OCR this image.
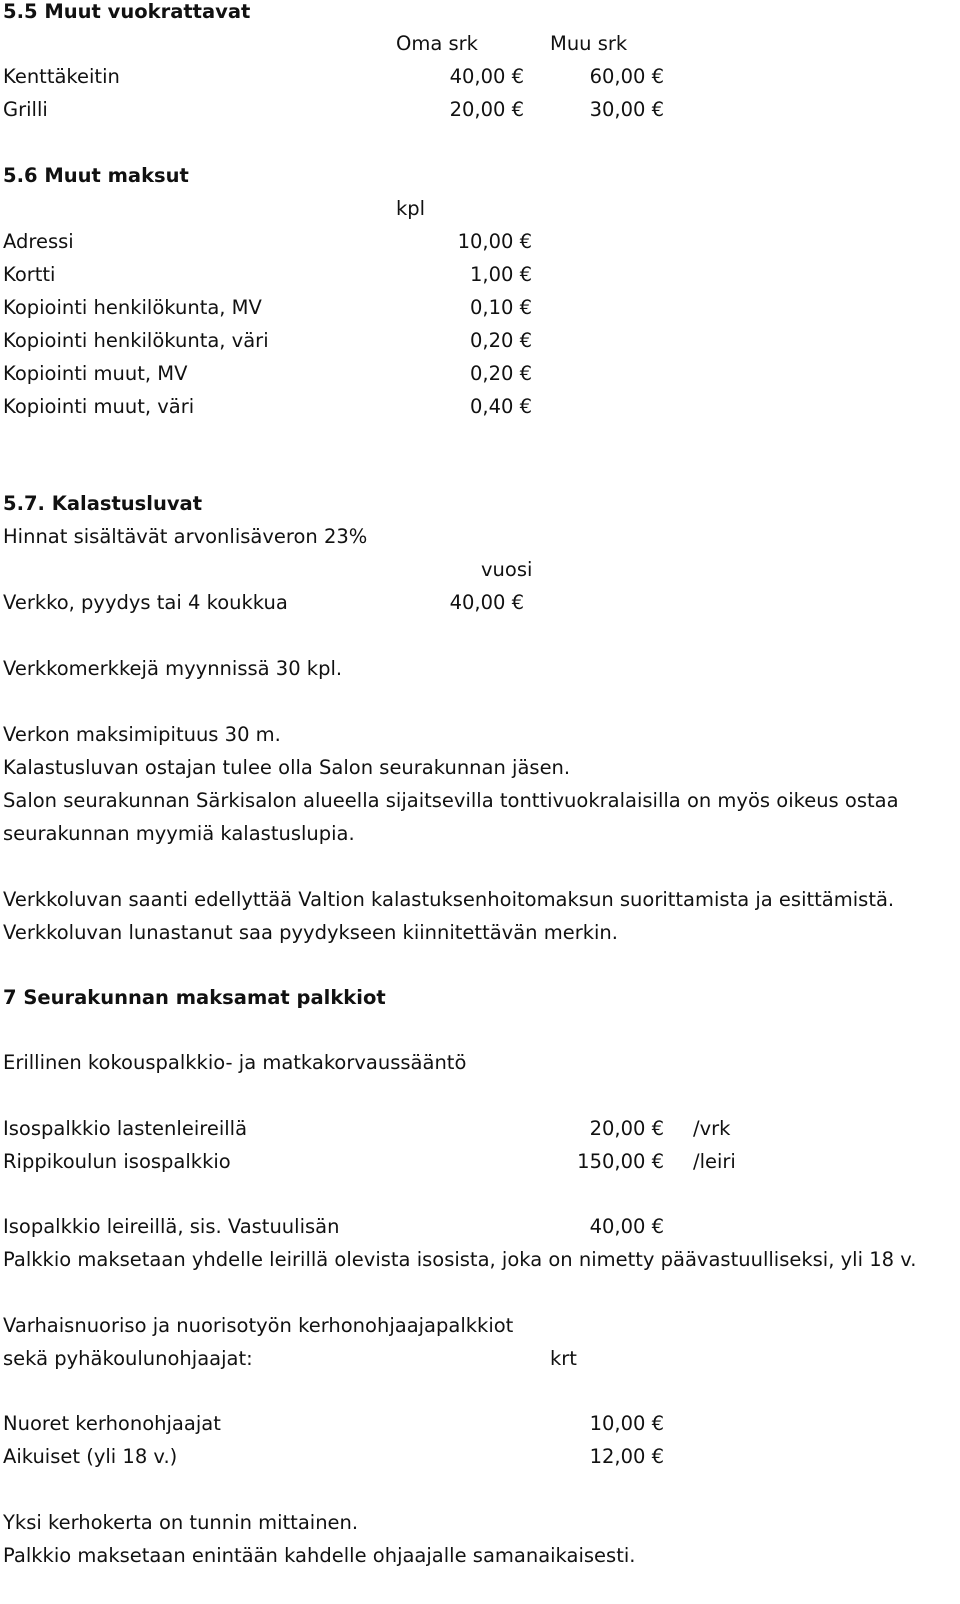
5.5 Muut vuokrattavat
Oma srk	Muu srk
Kenttäkeitin	40,00 €	60,00 €
Grilli	20,00 €	30,00 €
5.6 Muut maksut
kpl
Adressi	10,00 €
Kortti	1,00 €
Kopiointi henkilökunta, MV	0,10 €
Kopiointi henkilökunta, väri	0,20 €
Kopiointi muut, MV	0,20 €
Kopiointi muut, väri	0,40 €
5.7. Kalastusluvat
Hinnat sisältävät arvonlisäveron 23%
vuosi
Verkko, pyydys tai 4 koukkua	40,00 €
Verkkomerkkejä myynnissä 30 kpl.
Verkon maksimipituus 30 m.
Kalastusluvan ostajan tulee olla Salon seurakunnan jäsen.
Salon seurakunnan Särkisalon alueella sijaitsevilla tonttivuokralaisilla on myös oikeus ostaa
seurakunnan myymiä kalastuslupia.
Verkkoluvan saanti edellyttää Valtion kalastuksenhoitomaksun suorittamista ja esittämistä.
Verkkoluvan lunastanut saa pyydykseen kiinnitettävän merkin.
7 Seurakunnan maksamat palkkiot
Erillinen kokouspalkkio- ja matkakorvaussääntö
Isospalkkio lastenleireillä	20,00 € /vrk
Rippikoulun isospalkkio	150,00 € /leiri
Isopalkkio leireillä, sis. Vastuulisän	40,00 €
Palkkio maksetaan yhdelle leirillä olevista isosista, joka on nimetty päävastuulliseksi, yli 18 v.
Varhaisnuoriso ja nuorisotyön kerhonohjaajapalkkiot
sekä pyhäkoulunohjaajat:	krt
Nuoret kerhonohjaajat	10,00 €
Aikuiset (yli 18 v.)	12,00 €
Yksi kerhokerta on tunnin mittainen.
Palkkio maksetaan enintään kahdelle ohjaajalle samanaikaisesti.
